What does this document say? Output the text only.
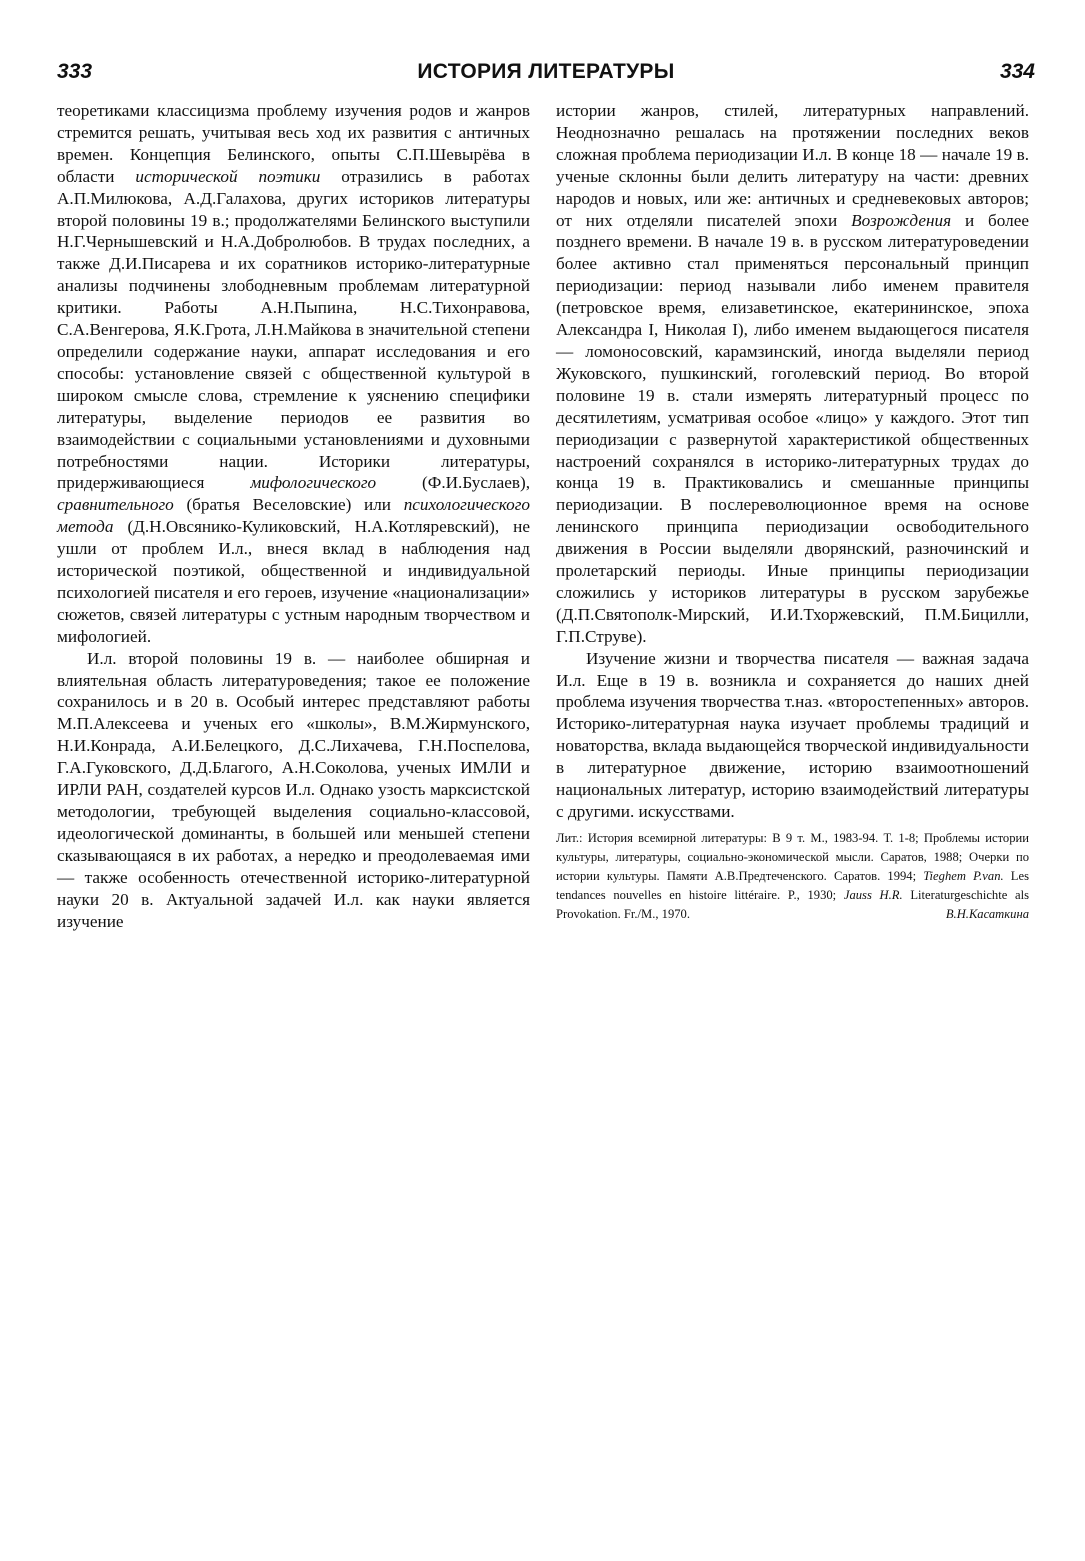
333	ИСТОРИЯ ЛИТЕРАТУРЫ	334

теоретиками классицизма проблему изучения родов и жанров стремится решать, учитывая весь ход их развития с античных времен. Концепция Белинского, опыты С.П.Шевырёва в области исторической поэтики отразились в работах А.П.Милюкова, А.Д.Галахова, других историков литературы второй половины 19 в.; продолжателями Белинского выступили Н.Г.Чернышевский и Н.А.Добролюбов. В трудах последних, а также Д.И.Писарева и их соратников историко-литературные анализы подчинены злободневным проблемам литературной критики. Работы А.Н.Пыпина, Н.С.Тихонравова, С.А.Венгерова, Я.К.Грота, Л.Н.Майкова в значительной степени определили содержание науки, аппарат исследования и его способы: установление связей с общественной культурой в широком смысле слова, стремление к уяснению специфики литературы, выделение периодов ее развития во взаимодействии с социальными установлениями и духовными потребностями нации. Историки литературы, придерживающиеся мифологического (Ф.И.Буслаев), сравнительного (братья Веселовские) или психологического метода (Д.Н.Овсянико-Куликовский, Н.А.Котляревский), не ушли от проблем И.л., внеся вклад в наблюдения над исторической поэтикой, общественной и индивидуальной психологией писателя и его героев, изучение «национализации» сюжетов, связей литературы с устным народным творчеством и мифологией.

И.л. второй половины 19 в. — наиболее обширная и влиятельная область литературоведения; такое ее положение сохранилось и в 20 в. Особый интерес представляют работы М.П.Алексеева и ученых его «школы», В.М.Жирмунского, Н.И.Конрада, А.И.Белецкого, Д.С.Лихачева, Г.Н.Поспелова, Г.А.Гуковского, Д.Д.Благого, А.Н.Соколова, ученых ИМЛИ и ИРЛИ РАН, создателей курсов И.л. Однако узость марксистской методологии, требующей выделения социально-классовой, идеологической доминанты, в большей или меньшей степени сказывающаяся в их работах, а нередко и преодолеваемая ими — также особенность отечественной историко-литературной науки 20 в. Актуальной задачей И.л. как науки является изучение

истории жанров, стилей, литературных направлений. Неоднозначно решалась на протяжении последних веков сложная проблема периодизации И.л. В конце 18 — начале 19 в. ученые склонны были делить литературу на части: древних народов и новых, или же: античных и средневековых авторов; от них отделяли писателей эпохи Возрождения и более позднего времени. В начале 19 в. в русском литературоведении более активно стал применяться персональный принцип периодизации: период называли либо именем правителя (петровское время, елизаветинское, екатерининское, эпоха Александра I, Николая I), либо именем выдающегося писателя — ломоносовский, карамзинский, иногда выделяли период Жуковского, пушкинский, гоголевский период. Во второй половине 19 в. стали измерять литературный процесс по десятилетиям, усматривая особое «лицо» у каждого. Этот тип периодизации с развернутой характеристикой общественных настроений сохранялся в историко-литературных трудах до конца 19 в. Практиковались и смешанные принципы периодизации. В послереволюционное время на основе ленинского принципа периодизации освободительного движения в России выделяли дворянский, разночинский и пролетарский периоды. Иные принципы периодизации сложились у историков литературы в русском зарубежье (Д.П.Святополк-Мирский, И.И.Тхоржевский, П.М.Бицилли, Г.П.Струве).

Изучение жизни и творчества писателя — важная задача И.л. Еще в 19 в. возникла и сохраняется до наших дней проблема изучения творчества т.наз. «второстепенных» авторов. Историко-литературная наука изучает проблемы традиций и новаторства, вклада выдающейся творческой индивидуальности в литературное движение, историю взаимоотношений национальных литератур, историю взаимодействий литературы с другими. искусствами.

Лит.: История всемирной литературы: В 9 т. М., 1983-94. Т. 1-8; Проблемы истории культуры, литературы, социально-экономической мысли. Саратов, 1988; Очерки по истории культуры. Памяти А.В.Предтеченского. Саратов. 1994; Tieghem P.van. Les tendances nouvelles en histoire littéraire. P., 1930; Jauss H.R. Literaturgeschichte als Provokation. Fr./M., 1970.	В.Н.Касаткина
